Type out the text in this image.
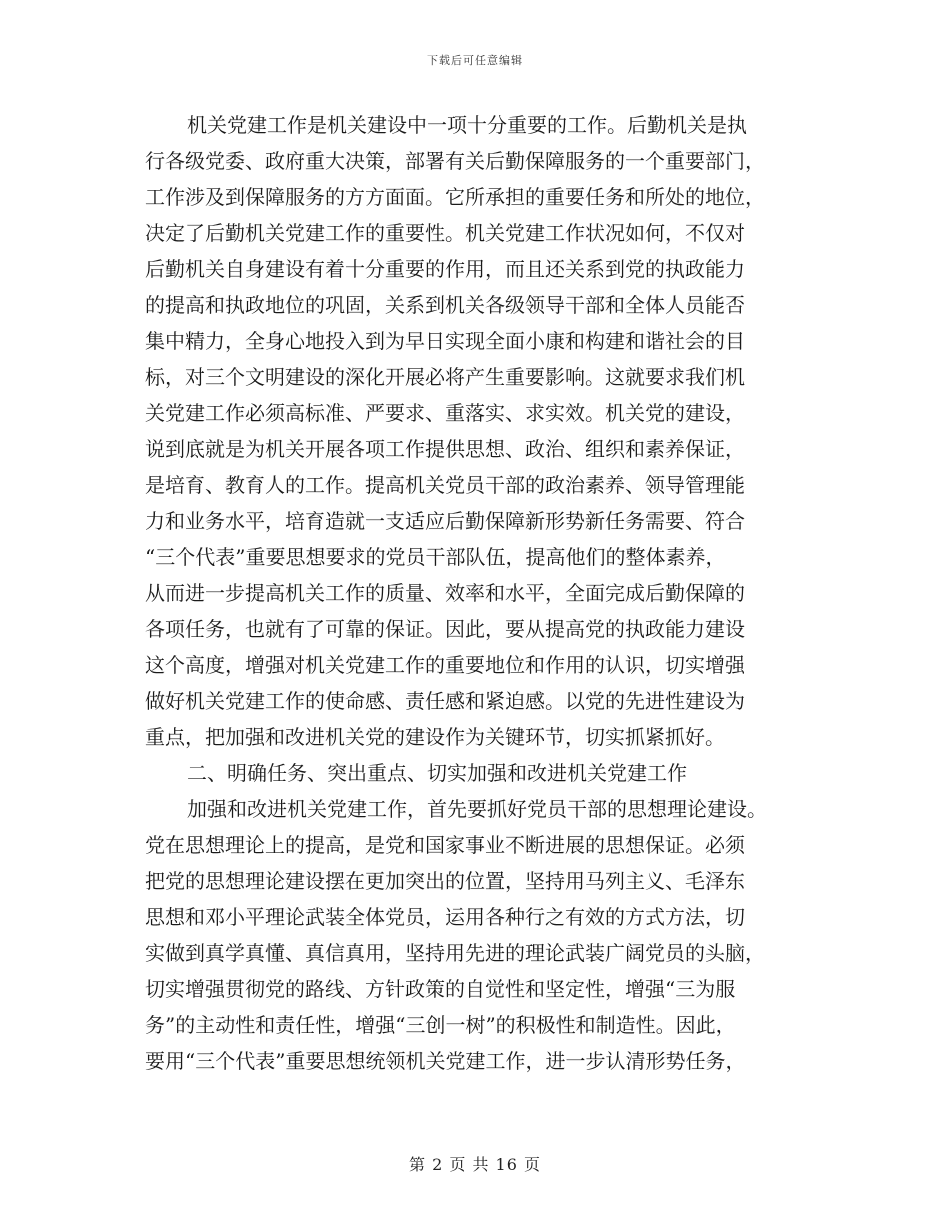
下载后可任意编辑
机关党建工作是机关建设中一项十分重要的工作。后勤机关是执
行各级党委、政府重大决策，部署有关后勤保障服务的一个重要部门，
工作涉及到保障服务的方方面面。它所承担的重要任务和所处的地位，
决定了后勤机关党建工作的重要性。机关党建工作状况如何，不仅对
后勤机关自身建设有着十分重要的作用，而且还关系到党的执政能力
的提高和执政地位的巩固，关系到机关各级领导干部和全体人员能否
集中精力，全身心地投入到为早日实现全面小康和构建和谐社会的目
标，对三个文明建设的深化开展必将产生重要影响。这就要求我们机
关党建工作必须高标准、严要求、重落实、求实效。机关党的建设，
说到底就是为机关开展各项工作提供思想、政治、组织和素养保证，
是培育、教育人的工作。提高机关党员干部的政治素养、领导管理能
力和业务水平，培育造就一支适应后勤保障新形势新任务需要、符合
“三个代表”重要思想要求的党员干部队伍，提高他们的整体素养，
从而进一步提高机关工作的质量、效率和水平，全面完成后勤保障的
各项任务，也就有了可靠的保证。因此，要从提高党的执政能力建设
这个高度，增强对机关党建工作的重要地位和作用的认识，切实增强
做好机关党建工作的使命感、责任感和紧迫感。以党的先进性建设为
重点，把加强和改进机关党的建设作为关键环节，切实抓紧抓好。
二、明确任务、突出重点、切实加强和改进机关党建工作
加强和改进机关党建工作，首先要抓好党员干部的思想理论建设。
党在思想理论上的提高，是党和国家事业不断进展的思想保证。必须
把党的思想理论建设摆在更加突出的位置，坚持用马列主义、毛泽东
思想和邓小平理论武装全体党员，运用各种行之有效的方式方法，切
实做到真学真懂、真信真用，坚持用先进的理论武装广阔党员的头脑，
切实增强贯彻党的路线、方针政策的自觉性和坚定性，增强“三为服
务”的主动性和责任性，增强“三创一树”的积极性和制造性。因此，
要用“三个代表”重要思想统领机关党建工作，进一步认清形势任务，
第 2 页 共 16 页
